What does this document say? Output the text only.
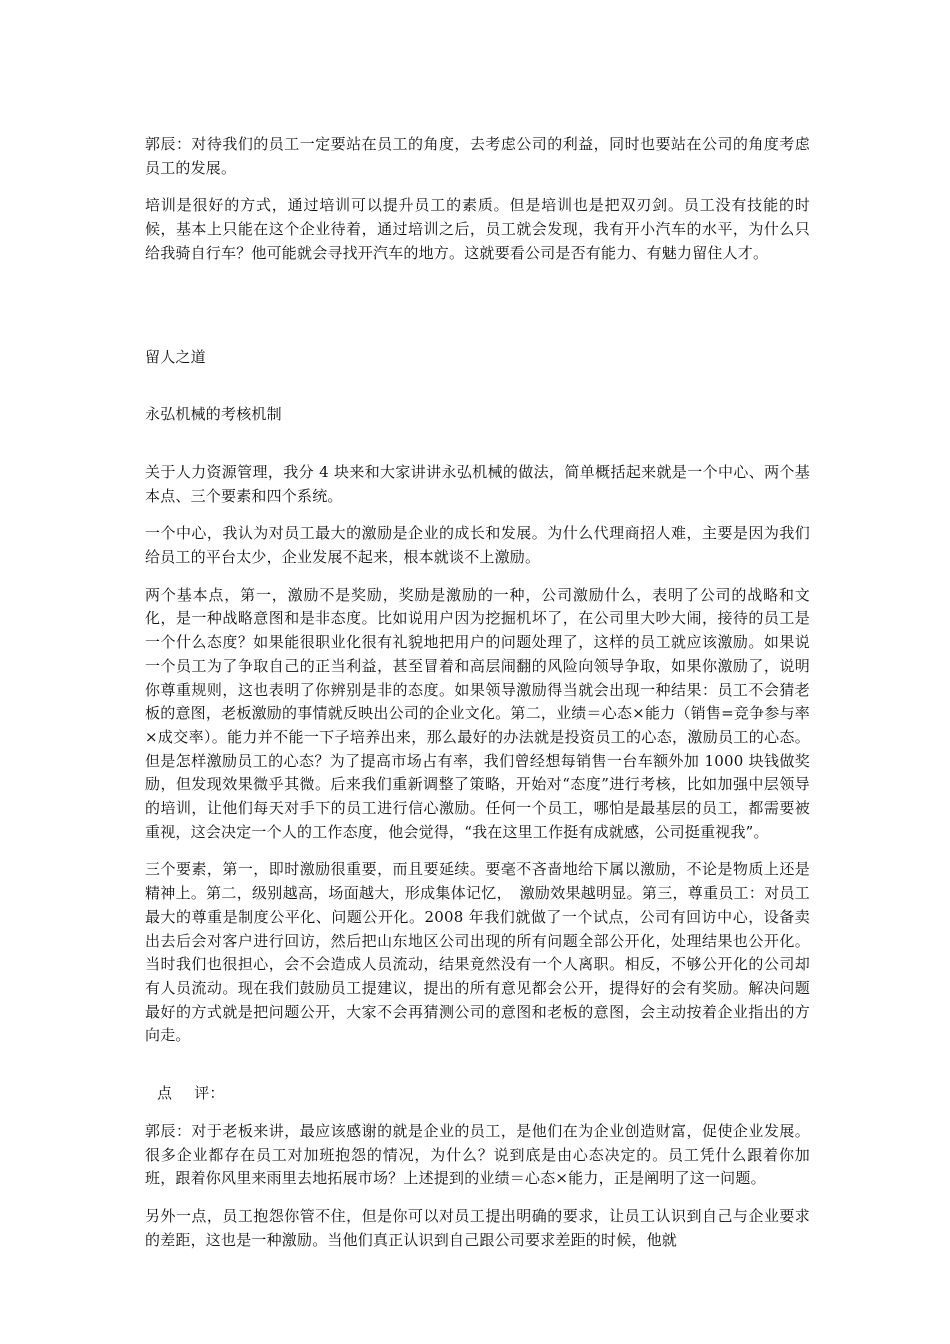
郭辰：对待我们的员工一定要站在员工的角度，去考虑公司的利益，同时也要站在公司的角度考虑员工的发展。

培训是很好的方式，通过培训可以提升员工的素质。但是培训也是把双刃剑。员工没有技能的时候，基本上只能在这个企业待着，通过培训之后，员工就会发现，我有开小汽车的水平，为什么只给我骑自行车？他可能就会寻找开汽车的地方。这就要看公司是否有能力、有魅力留住人才。

留人之道

永弘机械的考核机制

关于人力资源管理，我分 4 块来和大家讲讲永弘机械的做法，简单概括起来就是一个中心、两个基本点、三个要素和四个系统。

一个中心，我认为对员工最大的激励是企业的成长和发展。为什么代理商招人难，主要是因为我们给员工的平台太少，企业发展不起来，根本就谈不上激励。

两个基本点，第一，激励不是奖励，奖励是激励的一种，公司激励什么，表明了公司的战略和文化，是一种战略意图和是非态度。比如说用户因为挖掘机坏了，在公司里大吵大闹，接待的员工是一个什么态度？如果能很职业化很有礼貌地把用户的问题处理了，这样的员工就应该激励。如果说一个员工为了争取自己的正当利益，甚至冒着和高层闹翻的风险向领导争取，如果你激励了，说明你尊重规则，这也表明了你辨别是非的态度。如果领导激励得当就会出现一种结果：员工不会猜老板的意图，老板激励的事情就反映出公司的企业文化。第二，业绩＝心态×能力（销售=竞争参与率×成交率）。能力并不能一下子培养出来，那么最好的办法就是投资员工的心态，激励员工的心态。但是怎样激励员工的心态？为了提高市场占有率，我们曾经想每销售一台车额外加 1000 块钱做奖励，但发现效果微乎其微。后来我们重新调整了策略，开始对“态度”进行考核，比如加强中层领导的培训，让他们每天对手下的员工进行信心激励。任何一个员工，哪怕是最基层的员工，都需要被重视，这会决定一个人的工作态度，他会觉得，“我在这里工作挺有成就感，公司挺重视我”。

三个要素，第一，即时激励很重要，而且要延续。要毫不吝啬地给下属以激励，不论是物质上还是精神上。第二，级别越高，场面越大，形成集体记忆，　激励效果越明显。第三，尊重员工：对员工最大的尊重是制度公平化、问题公开化。2008 年我们就做了一个试点，公司有回访中心，设备卖出去后会对客户进行回访，然后把山东地区公司出现的所有问题全部公开化，处理结果也公开化。当时我们也很担心，会不会造成人员流动，结果竟然没有一个人离职。相反，不够公开化的公司却有人员流动。现在我们鼓励员工提建议，提出的所有意见都会公开，提得好的会有奖励。解决问题最好的方式就是把问题公开，大家不会再猜测公司的意图和老板的意图，会主动按着企业指出的方向走。

点 评：

郭辰：对于老板来讲，最应该感谢的就是企业的员工，是他们在为企业创造财富，促使企业发展。很多企业都存在员工对加班抱怨的情况，为什么？说到底是由心态决定的。员工凭什么跟着你加班，跟着你风里来雨里去地拓展市场？上述提到的业绩＝心态×能力，正是阐明了这一问题。

另外一点，员工抱怨你管不住，但是你可以对员工提出明确的要求，让员工认识到自己与企业要求的差距，这也是一种激励。当他们真正认识到自己跟公司要求差距的时候，他就
